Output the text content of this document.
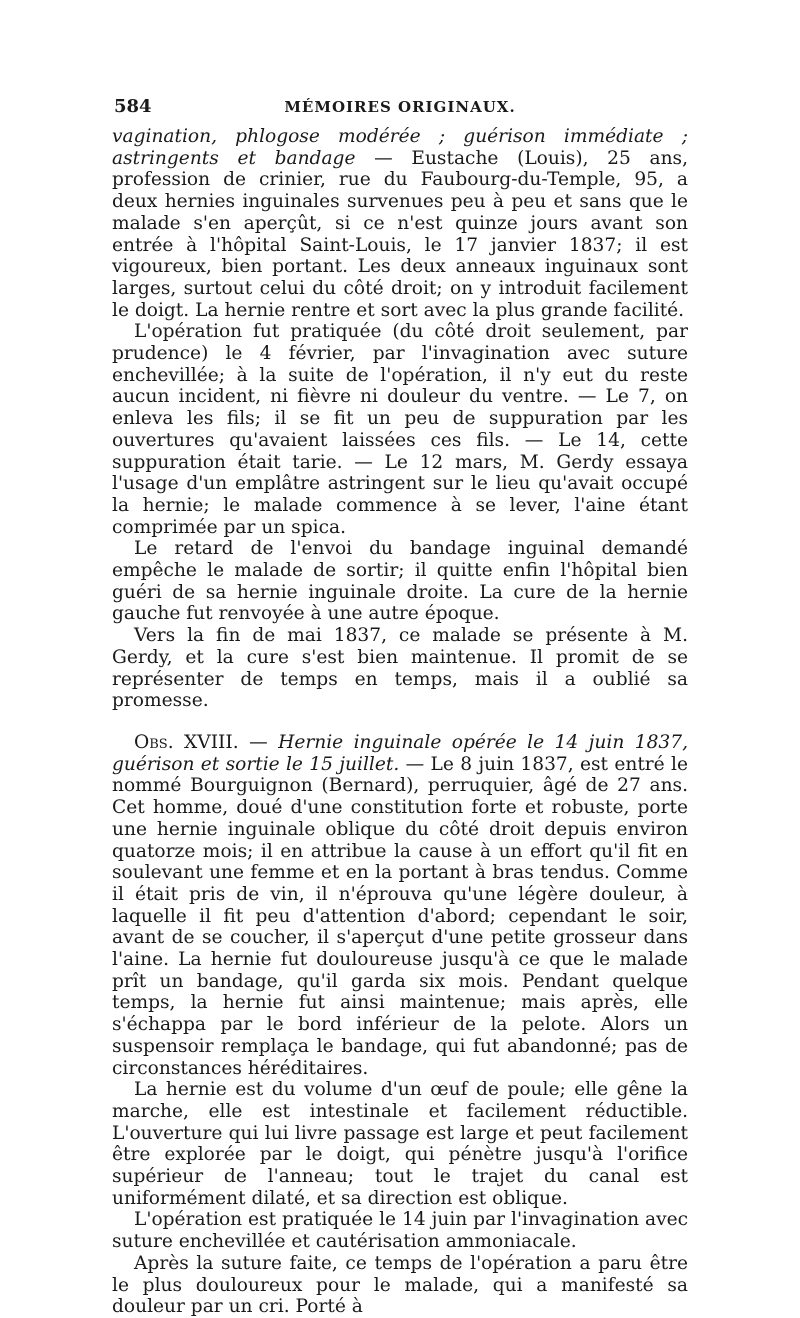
584	MÉMOIRES ORIGINAUX.

vagination, phlogose modérée ; guérison immédiate ; astringents et bandage — Eustache (Louis), 25 ans, profession de crinier, rue du Faubourg-du-Temple, 95, a deux hernies inguinales survenues peu à peu et sans que le malade s'en aperçût, si ce n'est quinze jours avant son entrée à l'hôpital Saint-Louis, le 17 janvier 1837; il est vigoureux, bien portant. Les deux anneaux inguinaux sont larges, surtout celui du côté droit; on y introduit facilement le doigt. La hernie rentre et sort avec la plus grande facilité.

L'opération fut pratiquée (du côté droit seulement, par prudence) le 4 février, par l'invagination avec suture enchevillée; à la suite de l'opération, il n'y eut du reste aucun incident, ni fièvre ni douleur du ventre. — Le 7, on enleva les fils; il se fit un peu de suppuration par les ouvertures qu'avaient laissées ces fils. — Le 14, cette suppuration était tarie. — Le 12 mars, M. Gerdy essaya l'usage d'un emplâtre astringent sur le lieu qu'avait occupé la hernie; le malade commence à se lever, l'aine étant comprimée par un spica.

Le retard de l'envoi du bandage inguinal demandé empêche le malade de sortir; il quitte enfin l'hôpital bien guéri de sa hernie inguinale droite. La cure de la hernie gauche fut renvoyée à une autre époque.

Vers la fin de mai 1837, ce malade se présente à M. Gerdy, et la cure s'est bien maintenue. Il promit de se représenter de temps en temps, mais il a oublié sa promesse.

Obs. XVIII. — Hernie inguinale opérée le 14 juin 1837, guérison et sortie le 15 juillet. — Le 8 juin 1837, est entré le nommé Bourguignon (Bernard), perruquier, âgé de 27 ans. Cet homme, doué d'une constitution forte et robuste, porte une hernie inguinale oblique du côté droit depuis environ quatorze mois; il en attribue la cause à un effort qu'il fit en soulevant une femme et en la portant à bras tendus. Comme il était pris de vin, il n'éprouva qu'une légère douleur, à laquelle il fit peu d'attention d'abord; cependant le soir, avant de se coucher, il s'aperçut d'une petite grosseur dans l'aine. La hernie fut douloureuse jusqu'à ce que le malade prît un bandage, qu'il garda six mois. Pendant quelque temps, la hernie fut ainsi maintenue; mais après, elle s'échappa par le bord inférieur de la pelote. Alors un suspensoir remplaça le bandage, qui fut abandonné; pas de circonstances héréditaires.

La hernie est du volume d'un œuf de poule; elle gêne la marche, elle est intestinale et facilement réductible. L'ouverture qui lui livre passage est large et peut facilement être explorée par le doigt, qui pénètre jusqu'à l'orifice supérieur de l'anneau; tout le trajet du canal est uniformément dilaté, et sa direction est oblique.

L'opération est pratiquée le 14 juin par l'invagination avec suture enchevillée et cautérisation ammoniacale.

Après la suture faite, ce temps de l'opération a paru être le plus douloureux pour le malade, qui a manifesté sa douleur par un cri. Porté à
